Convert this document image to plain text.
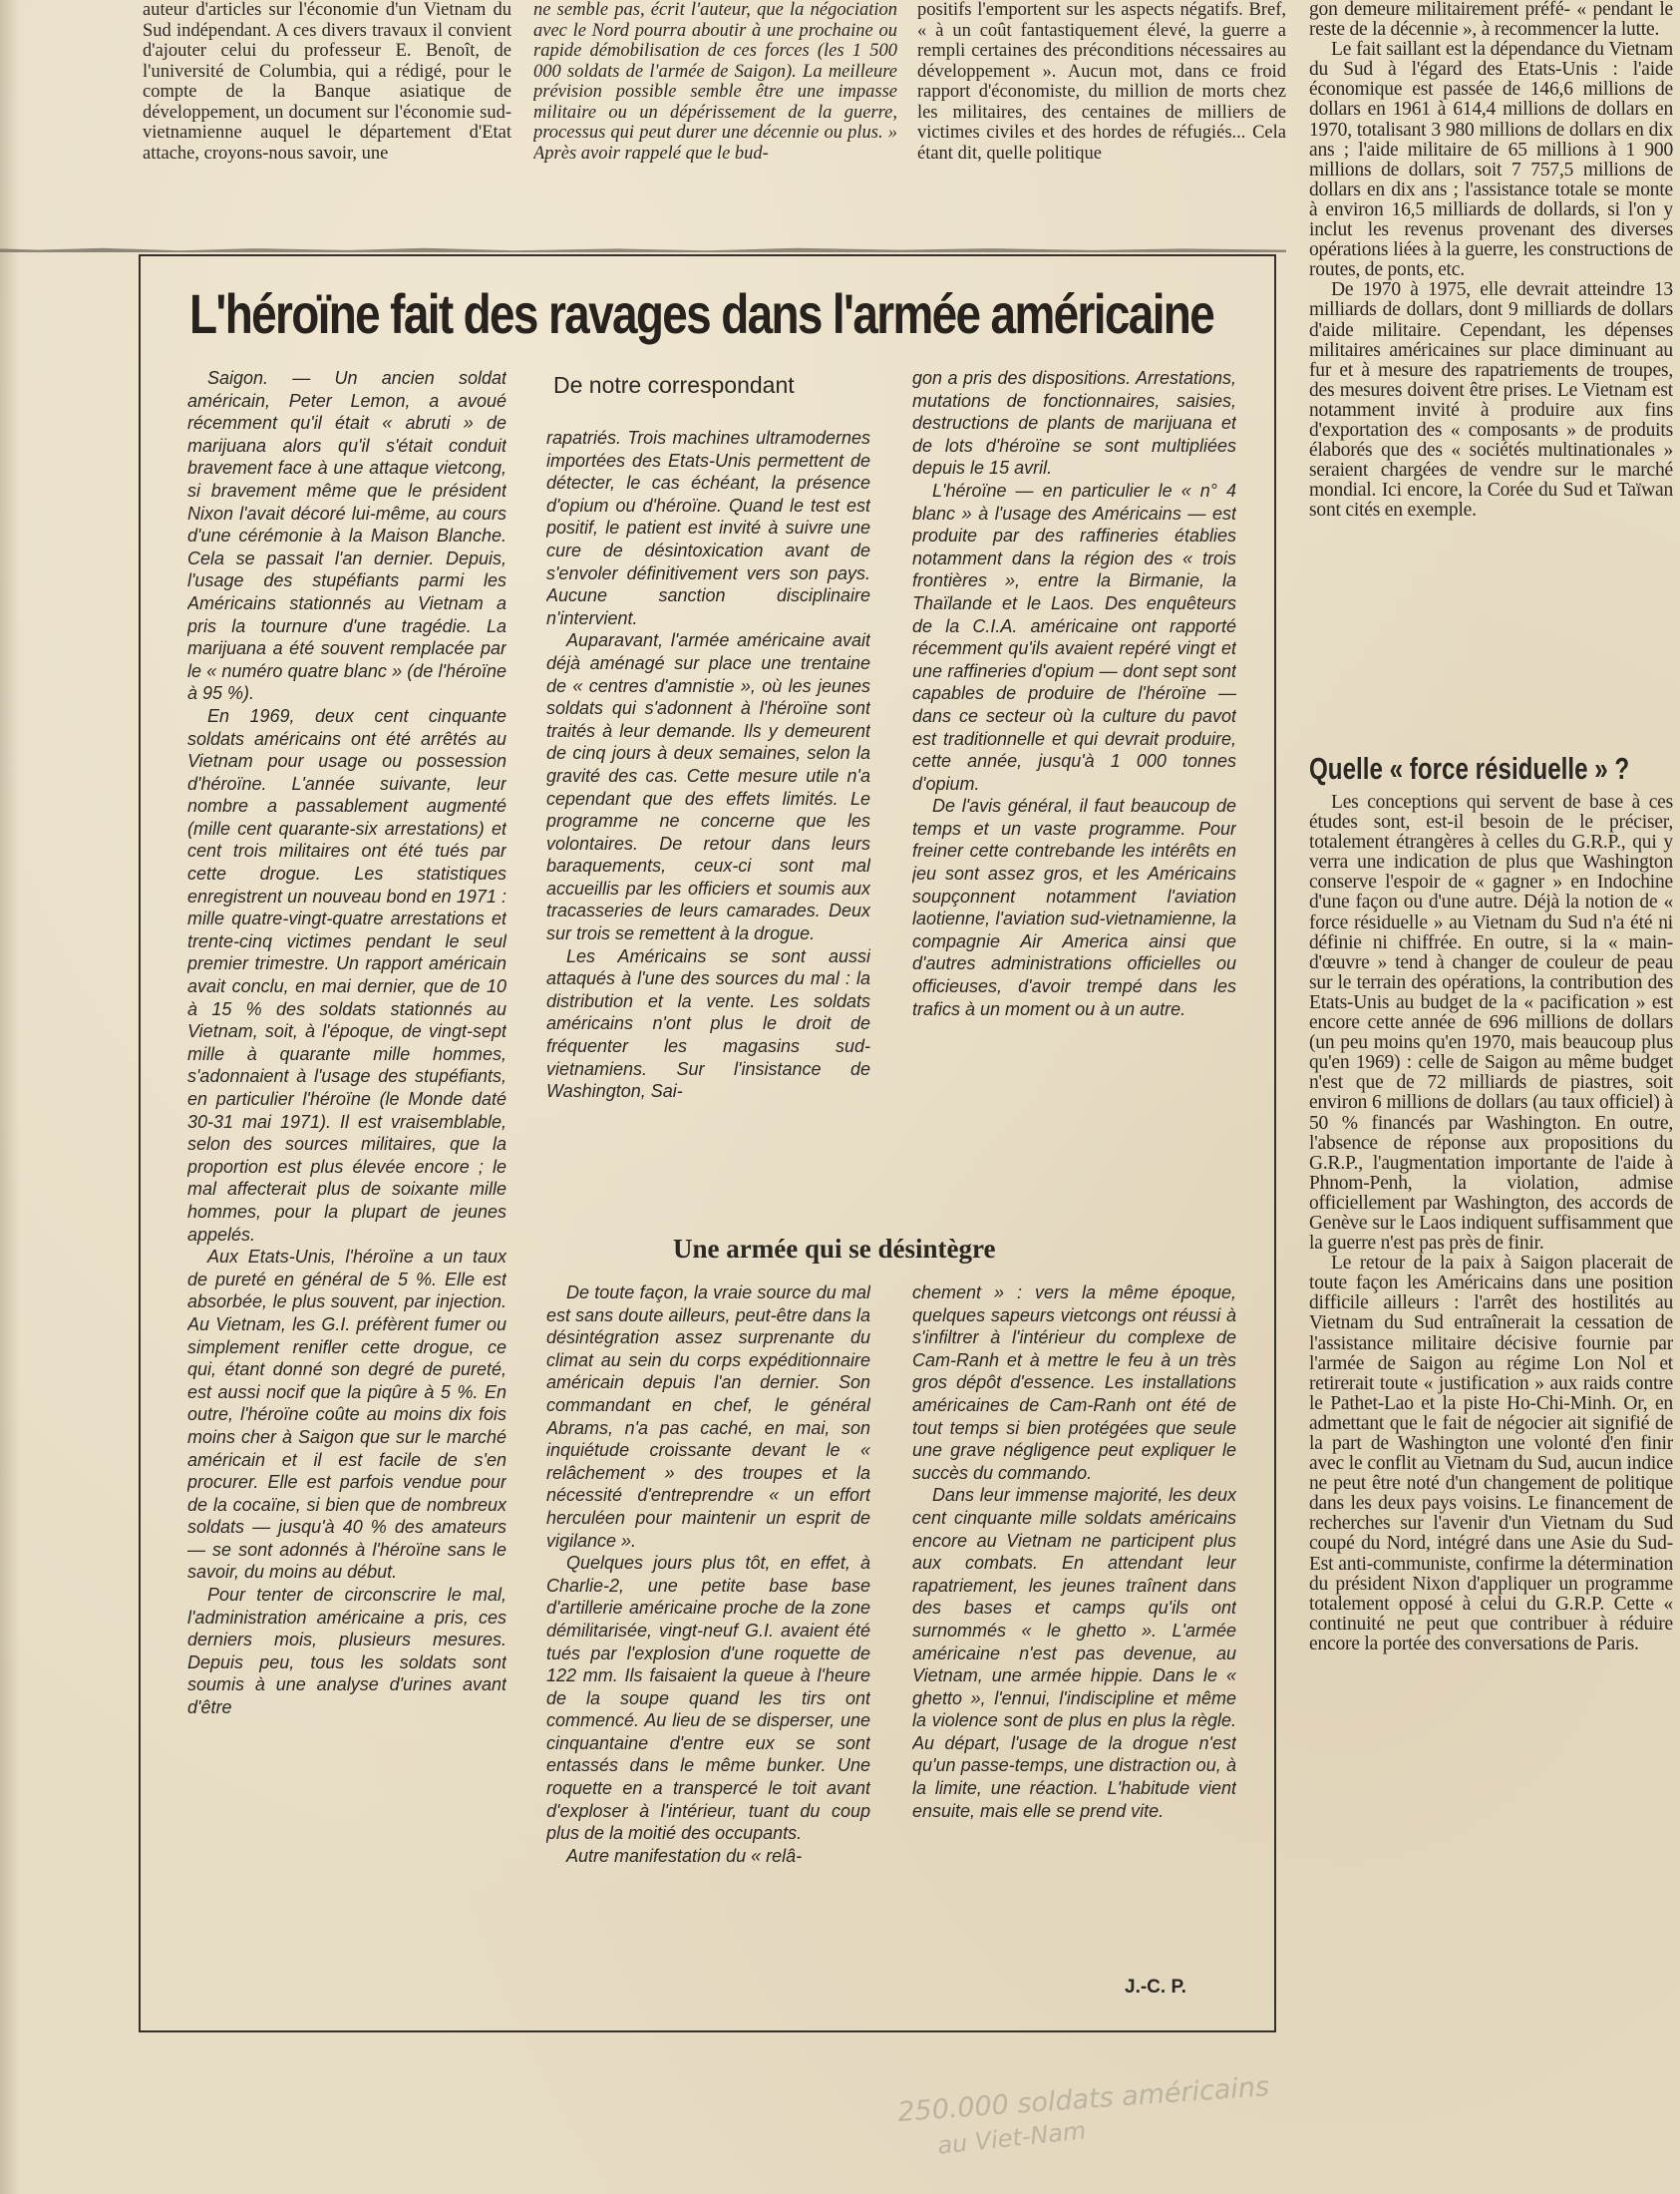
auteur d'articles sur l'économie d'un Vietnam du Sud indépendant. A ces divers travaux il convient d'ajouter celui du professeur E. Benoît, de l'université de Columbia, qui a rédigé, pour le compte de la Banque asiatique de développement, un document sur l'économie sud-vietnamienne auquel le département d'Etat attache, croyons-nous savoir, une

ne semble pas, écrit l'auteur, que la négociation avec le Nord pourra aboutir à une prochaine ou rapide démobilisation de ces forces (les 1 500 000 soldats de l'armée de Saigon). La meilleure prévision possible semble être une impasse militaire ou un dépérissement de la guerre, processus qui peut durer une décennie ou plus. » Après avoir rappelé que le bud-

positifs l'emportent sur les aspects négatifs. Bref, « à un coût fantastiquement élevé, la guerre a rempli certaines des préconditions nécessaires au développement ». Aucun mot, dans ce froid rapport d'économiste, du million de morts chez les militaires, des centaines de milliers de victimes civiles et des hordes de réfugiés... Cela étant dit, quelle politique

L'héroïne fait des ravages dans l'armée américaine
De notre correspondant

Saigon. — Un ancien soldat américain, Peter Lemon, a avoué récemment qu'il était « abruti » de marijuana alors qu'il s'était conduit bravement face à une attaque vietcong, si bravement même que le président Nixon l'avait décoré lui-même, au cours d'une cérémonie à la Maison Blanche. Cela se passait l'an dernier. Depuis, l'usage des stupéfiants parmi les Américains stationnés au Vietnam a pris la tournure d'une tragédie. La marijuana a été souvent remplacée par le « numéro quatre blanc » (de l'héroïne à 95 %).

En 1969, deux cent cinquante soldats américains ont été arrêtés au Vietnam pour usage ou possession d'héroïne. L'année suivante, leur nombre a passablement augmenté (mille cent quarante-six arrestations) et cent trois militaires ont été tués par cette drogue. Les statistiques enregistrent un nouveau bond en 1971 : mille quatre-vingt-quatre arrestations et trente-cinq victimes pendant le seul premier trimestre. Un rapport américain avait conclu, en mai dernier, que de 10 à 15 % des soldats stationnés au Vietnam, soit, à l'époque, de vingt-sept mille à quarante mille hommes, s'adonnaient à l'usage des stupéfiants, en particulier l'héroïne (le Monde daté 30-31 mai 1971). Il est vraisemblable, selon des sources militaires, que la proportion est plus élevée encore ; le mal affecterait plus de soixante mille hommes, pour la plupart de jeunes appelés.

Aux Etats-Unis, l'héroïne a un taux de pureté en général de 5 %. Elle est absorbée, le plus souvent, par injection. Au Vietnam, les G.I. préfèrent fumer ou simplement renifler cette drogue, ce qui, étant donné son degré de pureté, est aussi nocif que la piqûre à 5 %. En outre, l'héroïne coûte au moins dix fois moins cher à Saigon que sur le marché américain et il est facile de s'en procurer. Elle est parfois vendue pour de la cocaïne, si bien que de nombreux soldats — jusqu'à 40 % des amateurs — se sont adonnés à l'héroïne sans le savoir, du moins au début.

Pour tenter de circonscrire le mal, l'administration américaine a pris, ces derniers mois, plusieurs mesures. Depuis peu, tous les soldats sont soumis à une analyse d'urines avant d'être

rapatriés. Trois machines ultramodernes importées des Etats-Unis permettent de détecter, le cas échéant, la présence d'opium ou d'héroïne. Quand le test est positif, le patient est invité à suivre une cure de désintoxication avant de s'envoler définitivement vers son pays. Aucune sanction disciplinaire n'intervient.

Auparavant, l'armée américaine avait déjà aménagé sur place une trentaine de « centres d'amnistie », où les jeunes soldats qui s'adonnent à l'héroïne sont traités à leur demande. Ils y demeurent de cinq jours à deux semaines, selon la gravité des cas. Cette mesure utile n'a cependant que des effets limités. Le programme ne concerne que les volontaires. De retour dans leurs baraquements, ceux-ci sont mal accueillis par les officiers et soumis aux tracasseries de leurs camarades. Deux sur trois se remettent à la drogue.

Les Américains se sont aussi attaqués à l'une des sources du mal : la distribution et la vente. Les soldats américains n'ont plus le droit de fréquenter les magasins sud-vietnamiens. Sur l'insistance de Washington, Sai-

gon a pris des dispositions. Arrestations, mutations de fonctionnaires, saisies, destructions de plants de marijuana et de lots d'héroïne se sont multipliées depuis le 15 avril.

L'héroïne — en particulier le « n° 4 blanc » à l'usage des Américains — est produite par des raffineries établies notamment dans la région des « trois frontières », entre la Birmanie, la Thaïlande et le Laos. Des enquêteurs de la C.I.A. américaine ont rapporté récemment qu'ils avaient repéré vingt et une raffineries d'opium — dont sept sont capables de produire de l'héroïne — dans ce secteur où la culture du pavot est traditionnelle et qui devrait produire, cette année, jusqu'à 1 000 tonnes d'opium.

De l'avis général, il faut beaucoup de temps et un vaste programme. Pour freiner cette contrebande les intérêts en jeu sont assez gros, et les Américains soupçonnent notamment l'aviation laotienne, l'aviation sud-vietnamienne, la compagnie Air America ainsi que d'autres administrations officielles ou officieuses, d'avoir trempé dans les trafics à un moment ou à un autre.

Une armée qui se désintègre

De toute façon, la vraie source du mal est sans doute ailleurs, peut-être dans la désintégration assez surprenante du climat au sein du corps expéditionnaire américain depuis l'an dernier. Son commandant en chef, le général Abrams, n'a pas caché, en mai, son inquiétude croissante devant le « relâchement » des troupes et la nécessité d'entreprendre « un effort herculéen pour maintenir un esprit de vigilance ».

Quelques jours plus tôt, en effet, à Charlie-2, une petite base base d'artillerie américaine proche de la zone démilitarisée, vingt-neuf G.I. avaient été tués par l'explosion d'une roquette de 122 mm. Ils faisaient la queue à l'heure de la soupe quand les tirs ont commencé. Au lieu de se disperser, une cinquantaine d'entre eux se sont entassés dans le même bunker. Une roquette en a transpercé le toit avant d'exploser à l'intérieur, tuant du coup plus de la moitié des occupants.

Autre manifestation du « relâ-

chement » : vers la même époque, quelques sapeurs vietcongs ont réussi à s'infiltrer à l'intérieur du complexe de Cam-Ranh et à mettre le feu à un très gros dépôt d'essence. Les installations américaines de Cam-Ranh ont été de tout temps si bien protégées que seule une grave négligence peut expliquer le succès du commando.

Dans leur immense majorité, les deux cent cinquante mille soldats américains encore au Vietnam ne participent plus aux combats. En attendant leur rapatriement, les jeunes traînent dans des bases et camps qu'ils ont surnommés « le ghetto ». L'armée américaine n'est pas devenue, au Vietnam, une armée hippie. Dans le « ghetto », l'ennui, l'indiscipline et même la violence sont de plus en plus la règle. Au départ, l'usage de la drogue n'est qu'un passe-temps, une distraction ou, à la limite, une réaction. L'habitude vient ensuite, mais elle se prend vite.

J.-C. P.

gon demeure militairement préfé- « pendant le reste de la décennie », à recommencer la lutte.

Le fait saillant est la dépendance du Vietnam du Sud à l'égard des Etats-Unis : l'aide économique est passée de 146,6 millions de dollars en 1961 à 614,4 millions de dollars en 1970, totalisant 3 980 millions de dollars en dix ans ; l'aide militaire de 65 millions à 1 900 millions de dollars, soit 7 757,5 millions de dollars en dix ans ; l'assistance totale se monte à environ 16,5 milliards de dollards, si l'on y inclut les revenus provenant des diverses opérations liées à la guerre, les constructions de routes, de ponts, etc.

De 1970 à 1975, elle devrait atteindre 13 milliards de dollars, dont 9 milliards de dollars d'aide militaire. Cependant, les dépenses militaires américaines sur place diminuant au fur et à mesure des rapatriements de troupes, des mesures doivent être prises. Le Vietnam est notamment invité à produire aux fins d'exportation des « composants » de produits élaborés que des « sociétés multinationales » seraient chargées de vendre sur le marché mondial. Ici encore, la Corée du Sud et Taïwan sont cités en exemple.

Quelle « force résiduelle » ?

Les conceptions qui servent de base à ces études sont, est-il besoin de le préciser, totalement étrangères à celles du G.R.P., qui y verra une indication de plus que Washington conserve l'espoir de « gagner » en Indochine d'une façon ou d'une autre. Déjà la notion de « force résiduelle » au Vietnam du Sud n'a été ni définie ni chiffrée. En outre, si la « main-d'œuvre » tend à changer de couleur de peau sur le terrain des opérations, la contribution des Etats-Unis au budget de la « pacification » est encore cette année de 696 millions de dollars (un peu moins qu'en 1970, mais beaucoup plus qu'en 1969) : celle de Saigon au même budget n'est que de 72 milliards de piastres, soit environ 6 millions de dollars (au taux officiel) à 50 % financés par Washington. En outre, l'absence de réponse aux propositions du G.R.P., l'augmentation importante de l'aide à Phnom-Penh, la violation, admise officiellement par Washington, des accords de Genève sur le Laos indiquent suffisamment que la guerre n'est pas près de finir.

Le retour de la paix à Saigon placerait de toute façon les Américains dans une position difficile ailleurs : l'arrêt des hostilités au Vietnam du Sud entraînerait la cessation de l'assistance militaire décisive fournie par l'armée de Saigon au régime Lon Nol et retirerait toute « justification » aux raids contre le Pathet-Lao et la piste Ho-Chi-Minh. Or, en admettant que le fait de négocier ait signifié de la part de Washington une volonté d'en finir avec le conflit au Vietnam du Sud, aucun indice ne peut être noté d'un changement de politique dans les deux pays voisins. Le financement de recherches sur l'avenir d'un Vietnam du Sud coupé du Nord, intégré dans une Asie du Sud-Est anti-communiste, confirme la détermination du président Nixon d'appliquer un programme totalement opposé à celui du G.R.P. Cette « continuité ne peut que contribuer à réduire encore la portée des conversations de Paris.

250.000 soldats américains
au Viet-Nam
